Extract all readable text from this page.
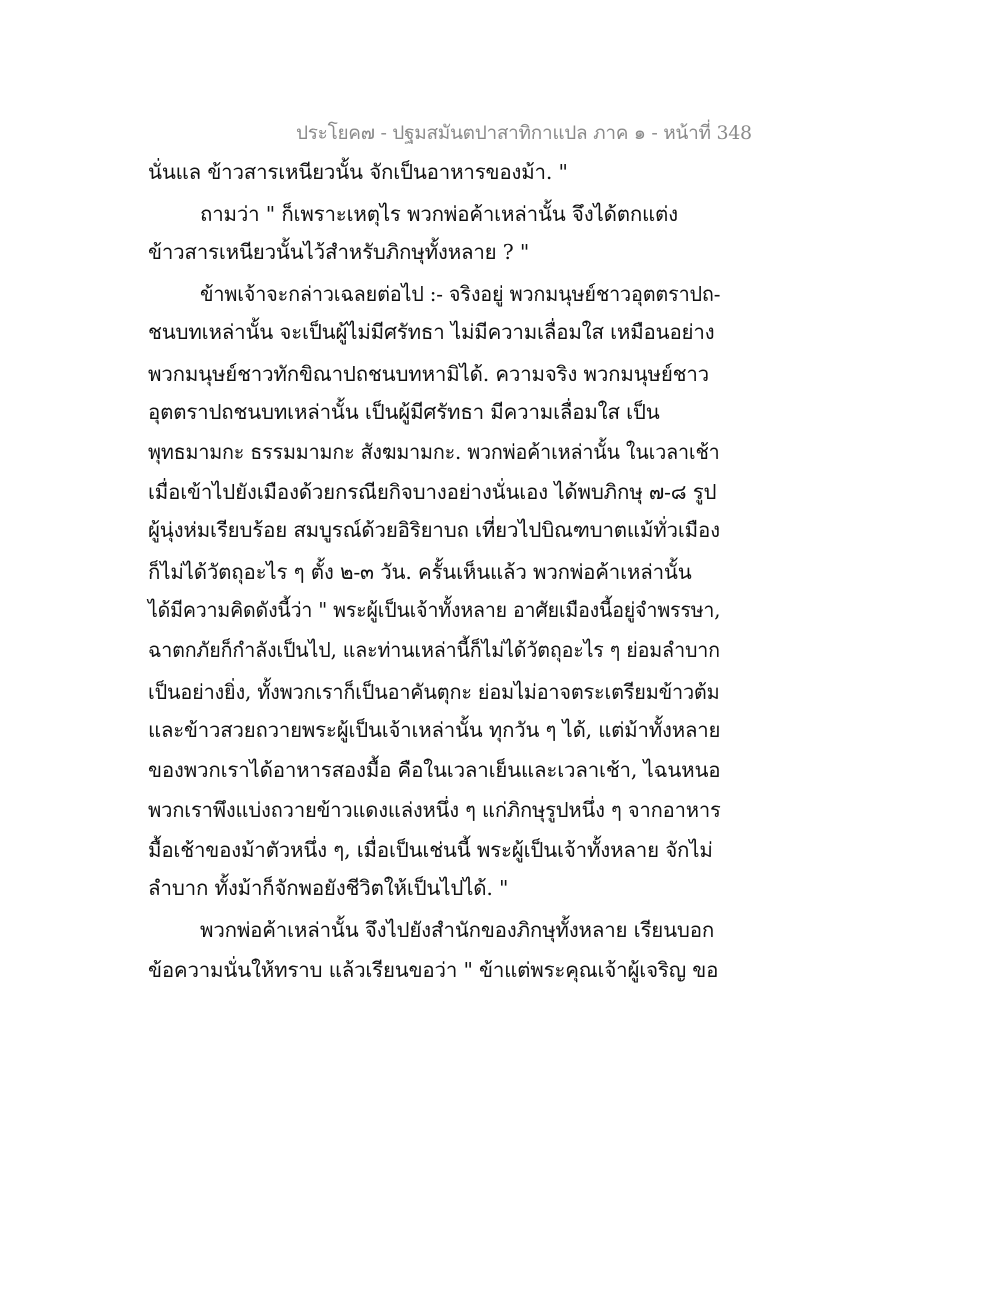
ประโยค๗ - ปฐมสมันตปาสาทิกาแปล ภาค ๑ - หน้าที่ 348
นั่นแล ข้าวสารเหนียวนั้น จักเป็นอาหารของม้า. "
ถามว่า " ก็เพราะเหตุไร พวกพ่อค้าเหล่านั้น จึงได้ตกแต่ง
ข้าวสารเหนียวนั้นไว้สำหรับภิกษุทั้งหลาย ? "
ข้าพเจ้าจะกล่าวเฉลยต่อไป :- จริงอยู่ พวกมนุษย์ชาวอุตตราปถ-
ชนบทเหล่านั้น จะเป็นผู้ไม่มีศรัทธา ไม่มีความเลื่อมใส เหมือนอย่าง
พวกมนุษย์ชาวทักขิณาปถชนบทหามิได้. ความจริง พวกมนุษย์ชาว
อุตตราปถชนบทเหล่านั้น เป็นผู้มีศรัทธา มีความเลื่อมใส เป็น
พุทธมามกะ ธรรมมามกะ สังฆมามกะ. พวกพ่อค้าเหล่านั้น ในเวลาเช้า
เมื่อเข้าไปยังเมืองด้วยกรณียกิจบางอย่างนั่นเอง ได้พบภิกษุ ๗-๘ รูป
ผู้นุ่งห่มเรียบร้อย สมบูรณ์ด้วยอิริยาบถ เที่ยวไปบิณฑบาตแม้ทั่วเมือง
ก็ไม่ได้วัตถุอะไร ๆ ตั้ง ๒-๓ วัน. ครั้นเห็นแล้ว พวกพ่อค้าเหล่านั้น
ได้มีความคิดดังนี้ว่า " พระผู้เป็นเจ้าทั้งหลาย อาศัยเมืองนี้อยู่จำพรรษา,
ฉาตกภัยก็กำลังเป็นไป, และท่านเหล่านี้ก็ไม่ได้วัตถุอะไร ๆ ย่อมลำบาก
เป็นอย่างยิ่ง, ทั้งพวกเราก็เป็นอาคันตุกะ ย่อมไม่อาจตระเตรียมข้าวต้ม
และข้าวสวยถวายพระผู้เป็นเจ้าเหล่านั้น ทุกวัน ๆ ได้, แต่ม้าทั้งหลาย
ของพวกเราได้อาหารสองมื้อ คือในเวลาเย็นและเวลาเช้า, ไฉนหนอ
พวกเราพึงแบ่งถวายข้าวแดงแล่งหนึ่ง ๆ แก่ภิกษุรูปหนึ่ง ๆ จากอาหาร
มื้อเช้าของม้าตัวหนึ่ง ๆ, เมื่อเป็นเช่นนี้ พระผู้เป็นเจ้าทั้งหลาย จักไม่
ลำบาก ทั้งม้าก็จักพอยังชีวิตให้เป็นไปได้. "
พวกพ่อค้าเหล่านั้น จึงไปยังสำนักของภิกษุทั้งหลาย เรียนบอก
ข้อความนั่นให้ทราบ แล้วเรียนขอว่า " ข้าแต่พระคุณเจ้าผู้เจริญ ขอ
